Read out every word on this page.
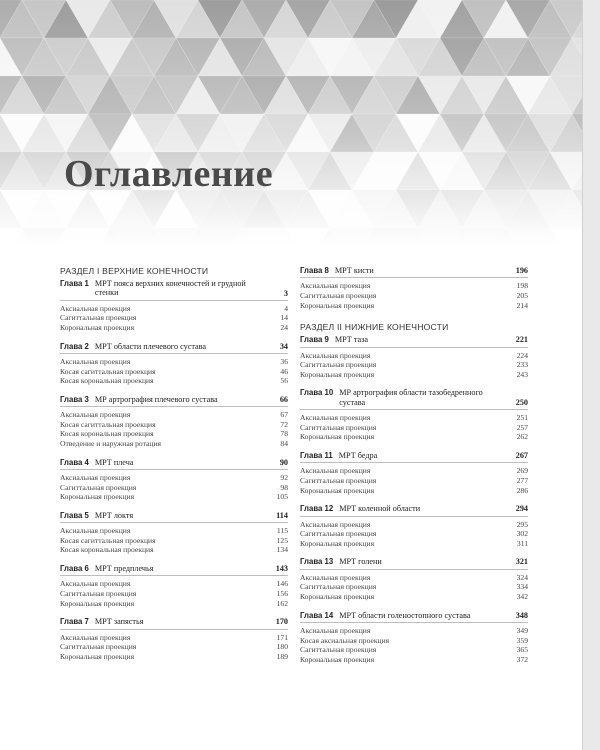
Оглавление
РАЗДЕЛ I ВЕРХНИЕ КОНЕЧНОСТИ
Глава 1 МРТ пояса верхних конечностей и грудной стенки	3
Аксиальная проекция	4
Сагиттальная проекция	14
Корональная проекция	24
Глава 2 МРТ области плечевого сустава	34
Аксиальная проекция	36
Косая сагиттальная проекция	46
Косая корональная проекция	56
Глава 3 МР артрография плечевого сустава	66
Аксиальная проекция	67
Косая сагиттальная проекция	72
Косая корональная проекция	78
Отведение и наружная ротация	84
Глава 4 МРТ плеча	90
Аксиальная проекция	92
Сагиттальная проекция	98
Корональная проекция	105
Глава 5 МРТ локтя	114
Аксиальная проекция	115
Косая сагиттальная проекция	125
Косая корональная проекция	134
Глава 6 МРТ предплечья	143
Аксиальная проекция	146
Сагиттальная проекция	156
Корональная проекция	162
Глава 7 МРТ запястья	170
Аксиальная проекция	171
Сагиттальная проекция	180
Корональная проекция	189
Глава 8 МРТ кисти	196
Аксиальная проекция	198
Сагиттальная проекция	205
Корональная проекция	214
РАЗДЕЛ II НИЖНИЕ КОНЕЧНОСТИ
Глава 9 МРТ таза	221
Аксиальная проекция	224
Сагиттальная проекция	233
Корональная проекция	243
Глава 10 МР артрография области тазобедренного сустава	250
Аксиальная проекция	251
Сагиттальная проекция	257
Корональная проекция	262
Глава 11 МРТ бедра	267
Аксиальная проекция	269
Сагиттальная проекция	277
Корональная проекция	286
Глава 12 МРТ коленной области	294
Аксиальная проекция	295
Сагиттальная проекция	302
Корональная проекция	311
Глава 13 МРТ голени	321
Аксиальная проекция	324
Сагиттальная проекция	334
Корональная проекция	342
Глава 14 МРТ области голеностопного сустава	348
Аксиальная проекция	349
Косая аксиальная проекция	359
Сагиттальная проекция	365
Корональная проекция	372
